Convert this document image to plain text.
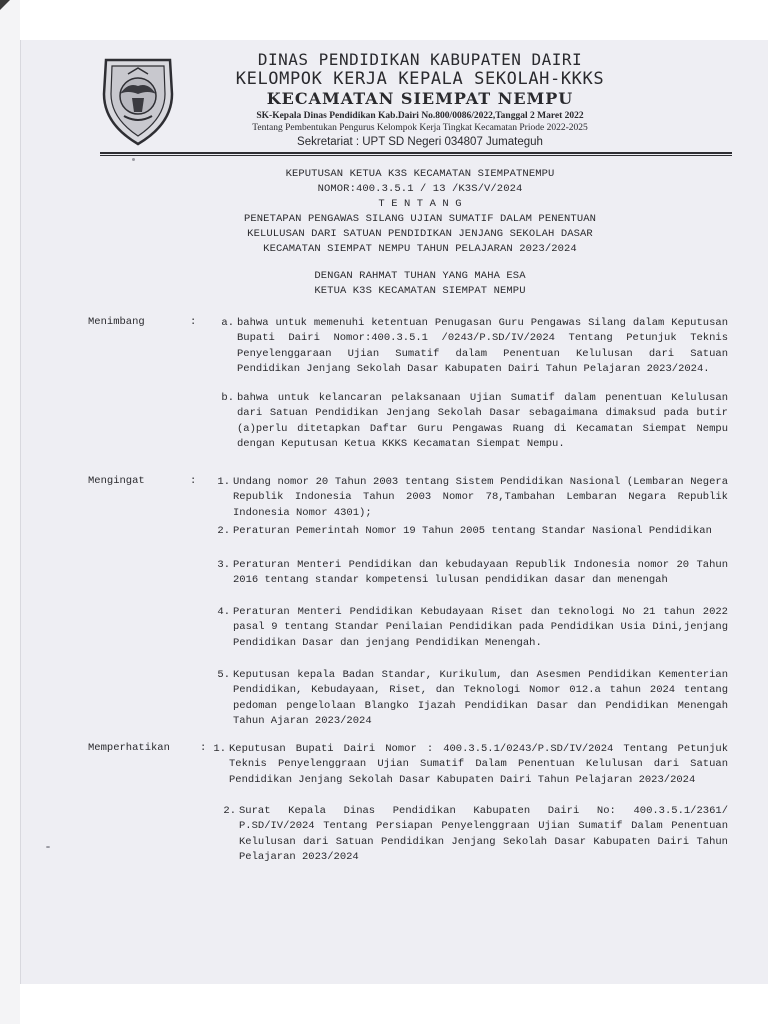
DINAS PENDIDIKAN KABUPATEN DAIRI
KELOMPOK KERJA KEPALA SEKOLAH-KKKS
KECAMATAN SIEMPAT NEMPU
SK-Kepala Dinas Pendidikan Kab.Dairi No.800/0086/2022,Tanggal 2 Maret 2022
Tentang Pembentukan Pengurus Kelompok Kerja Tingkat Kecamatan Priode 2022-2025
Sekretariat : UPT SD Negeri 034807 Jumateguh
KEPUTUSAN KETUA K3S KECAMATAN SIEMPATNEMPU
NOMOR:400.3.5.1 / 13 /K3S/V/2024
T E N T A N G
PENETAPAN PENGAWAS SILANG UJIAN SUMATIF DALAM PENENTUAN
KELULUSAN DARI SATUAN PENDIDIKAN JENJANG SEKOLAH DASAR
KECAMATAN SIEMPAT NEMPU TAHUN PELAJARAN 2023/2024
DENGAN RAHMAT TUHAN YANG MAHA ESA
KETUA K3S KECAMATAN SIEMPAT NEMPU
Menimbang	:	a. bahwa untuk memenuhi ketentuan Penugasan Guru Pengawas Silang dalam Keputusan Bupati Dairi Nomor:400.3.5.1 /0243/P.SD/IV/2024 Tentang Petunjuk Teknis Penyelenggaraan Ujian Sumatif dalam Penentuan Kelulusan dari Satuan Pendidikan Jenjang Sekolah Dasar Kabupaten Dairi Tahun Pelajaran 2023/2024.
b. bahwa untuk kelancaran pelaksanaan Ujian Sumatif dalam penentuan Kelulusan dari Satuan Pendidikan Jenjang Sekolah Dasar sebagaimana dimaksud pada butir (a)perlu ditetapkan Daftar Guru Pengawas Ruang di Kecamatan Siempat Nempu dengan Keputusan Ketua KKKS Kecamatan Siempat Nempu.
Mengingat	:	1. Undang nomor 20 Tahun 2003 tentang Sistem Pendidikan Nasional (Lembaran Negera Republik Indonesia Tahun 2003 Nomor 78,Tambahan Lembaran Negara Republik Indonesia Nomor 4301);
2. Peraturan Pemerintah Nomor 19 Tahun 2005 tentang Standar Nasional Pendidikan
3. Peraturan Menteri Pendidikan dan kebudayaan Republik Indonesia nomor 20 Tahun 2016 tentang standar kompetensi lulusan pendidikan dasar dan menengah
4. Peraturan Menteri Pendidikan Kebudayaan Riset dan teknologi No 21 tahun 2022 pasal 9 tentang Standar Penilaian Pendidikan pada Pendidikan Usia Dini,jenjang Pendidikan Dasar dan jenjang Pendidikan Menengah.
5. Keputusan kepala Badan Standar, Kurikulum, dan Asesmen Pendidikan Kementerian Pendidikan, Kebudayaan, Riset, dan Teknologi Nomor 012.a tahun 2024 tentang pedoman pengelolaan Blangko Ijazah Pendidikan Dasar dan Pendidikan Menengah Tahun Ajaran 2023/2024
Memperhatikan	: 1. Keputusan Bupati Dairi Nomor : 400.3.5.1/0243/P.SD/IV/2024 Tentang Petunjuk Teknis Penyelenggraan Ujian Sumatif Dalam Penentuan Kelulusan dari Satuan Pendidikan Jenjang Sekolah Dasar Kabupaten Dairi Tahun Pelajaran 2023/2024
2. Surat Kepala Dinas Pendidikan Kabupaten Dairi No: 400.3.5.1/2361/ P.SD/IV/2024 Tentang Persiapan Penyelenggraan Ujian Sumatif Dalam Penentuan Kelulusan dari Satuan Pendidikan Jenjang Sekolah Dasar Kabupaten Dairi Tahun Pelajaran 2023/2024
